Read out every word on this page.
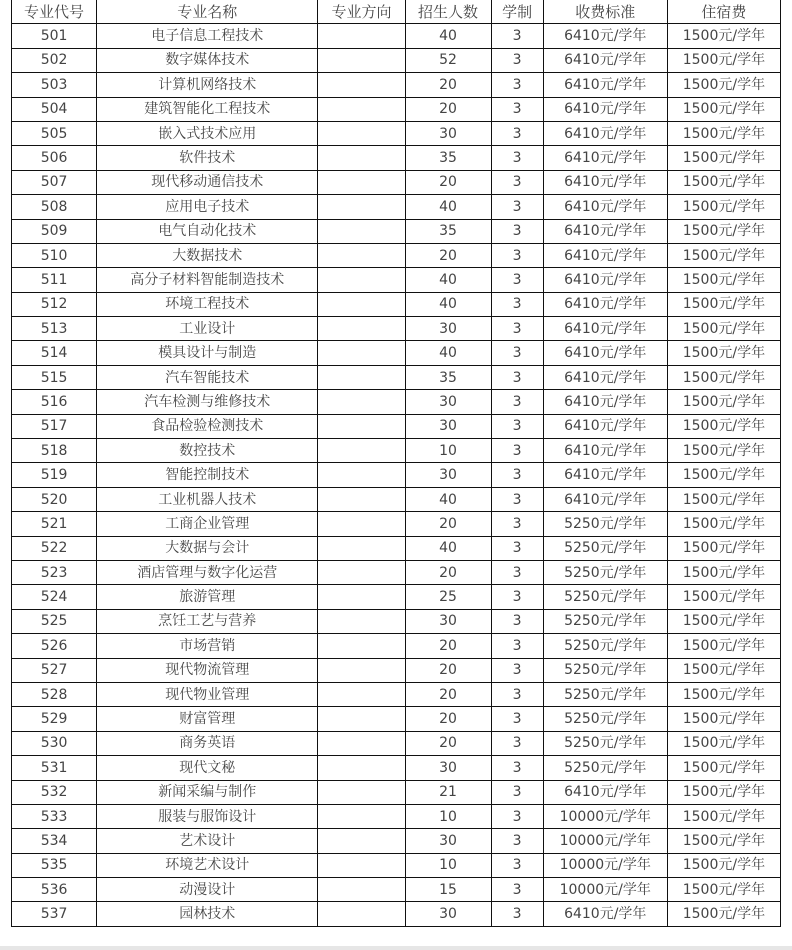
专业代号	专业名称	专业方向	招生人数	学制	收费标准	住宿费
501	电子信息工程技术		40	3	6410元/学年	1500元/学年
502	数字媒体技术		52	3	6410元/学年	1500元/学年
503	计算机网络技术		20	3	6410元/学年	1500元/学年
504	建筑智能化工程技术		20	3	6410元/学年	1500元/学年
505	嵌入式技术应用		30	3	6410元/学年	1500元/学年
506	软件技术		35	3	6410元/学年	1500元/学年
507	现代移动通信技术		20	3	6410元/学年	1500元/学年
508	应用电子技术		40	3	6410元/学年	1500元/学年
509	电气自动化技术		35	3	6410元/学年	1500元/学年
510	大数据技术		20	3	6410元/学年	1500元/学年
511	高分子材料智能制造技术		40	3	6410元/学年	1500元/学年
512	环境工程技术		40	3	6410元/学年	1500元/学年
513	工业设计		30	3	6410元/学年	1500元/学年
514	模具设计与制造		40	3	6410元/学年	1500元/学年
515	汽车智能技术		35	3	6410元/学年	1500元/学年
516	汽车检测与维修技术		30	3	6410元/学年	1500元/学年
517	食品检验检测技术		30	3	6410元/学年	1500元/学年
518	数控技术		10	3	6410元/学年	1500元/学年
519	智能控制技术		30	3	6410元/学年	1500元/学年
520	工业机器人技术		40	3	6410元/学年	1500元/学年
521	工商企业管理		20	3	5250元/学年	1500元/学年
522	大数据与会计		40	3	5250元/学年	1500元/学年
523	酒店管理与数字化运营		20	3	5250元/学年	1500元/学年
524	旅游管理		25	3	5250元/学年	1500元/学年
525	烹饪工艺与营养		30	3	5250元/学年	1500元/学年
526	市场营销		20	3	5250元/学年	1500元/学年
527	现代物流管理		20	3	5250元/学年	1500元/学年
528	现代物业管理		20	3	5250元/学年	1500元/学年
529	财富管理		20	3	5250元/学年	1500元/学年
530	商务英语		20	3	5250元/学年	1500元/学年
531	现代文秘		30	3	5250元/学年	1500元/学年
532	新闻采编与制作		21	3	6410元/学年	1500元/学年
533	服装与服饰设计		10	3	10000元/学年	1500元/学年
534	艺术设计		30	3	10000元/学年	1500元/学年
535	环境艺术设计		10	3	10000元/学年	1500元/学年
536	动漫设计		15	3	10000元/学年	1500元/学年
537	园林技术		30	3	6410元/学年	1500元/学年
